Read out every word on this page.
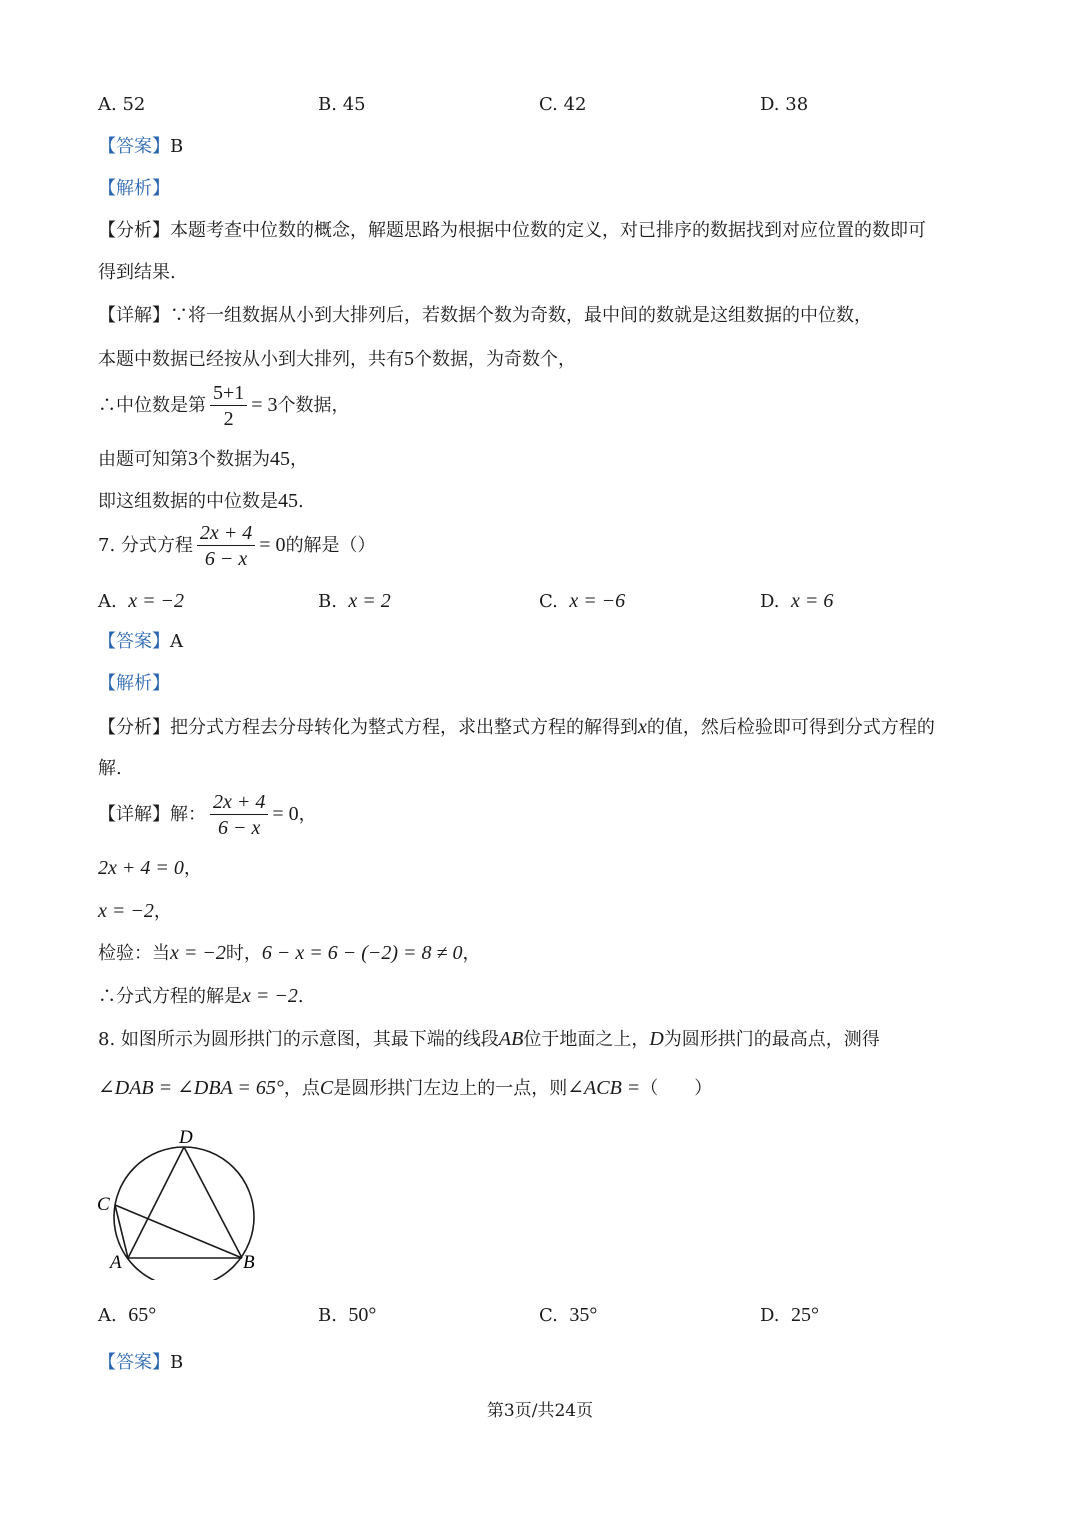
A. 52	B. 45	C. 42	D. 38
【答案】B
【解析】
【分析】本题考查中位数的概念，解题思路为根据中位数的定义，对已排序的数据找到对应位置的数即可
得到结果.
【详解】∵将一组数据从小到大排列后，若数据个数为奇数，最中间的数就是这组数据的中位数，
本题中数据已经按从小到大排列，共有5个数据，为奇数个，
∴中位数是第 $\frac{5+1}{2} = 3$个数据，
由题可知第3个数据为45，
即这组数据的中位数是45.
7. 分式方程 $\frac{2x + 4}{6 - x} = 0$的解是（）
A. x = −2	B. x = 2	C. x = −6	D. x = 6
【答案】A
【解析】
【分析】把分式方程去分母转化为整式方程，求出整式方程的解得到x的值，然后检验即可得到分式方程的
解.
【详解】解： $\frac{2x + 4}{6 - x} = 0$，
2x + 4 = 0，
x = −2，
检验：当x = −2时，6 − x = 6 − (−2) = 8 ≠ 0，
∴分式方程的解是x = −2.
8. 如图所示为圆形拱门的示意图，其最下端的线段AB位于地面之上，D为圆形拱门的最高点，测得
∠DAB = ∠DBA = 65°，点C是圆形拱门左边上的一点，则∠ACB =（　　）
D
C
A	B
A. 65°	B. 50°	C. 35°	D. 25°
【答案】B
第3页/共24页
